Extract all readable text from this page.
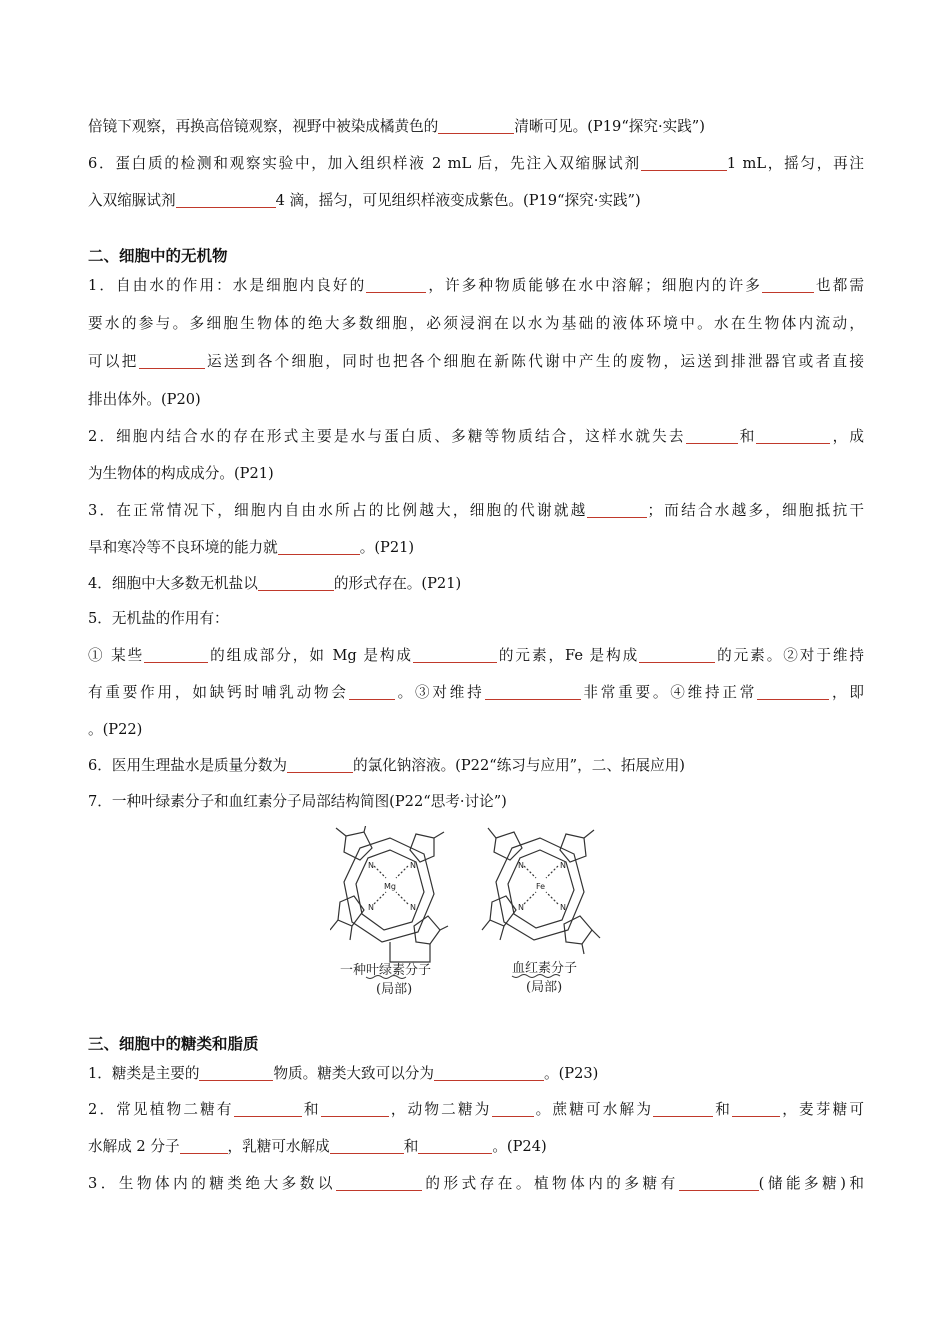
倍镜下观察，再换高倍镜观察，视野中被染成橘黄色的	清晰可见。(P19“探究·实践”)
6．蛋白质的检测和观察实验中，加入组织样液 2 mL 后，先注入双缩脲试剂	1 mL，摇匀，再注
入双缩脲试剂	4 滴，摇匀，可见组织样液变成紫色。(P19“探究·实践”)
二、细胞中的无机物
1．自由水的作用：水是细胞内良好的	，许多种物质能够在水中溶解；细胞内的许多	也都需
要水的参与。多细胞生物体的绝大多数细胞，必须浸润在以水为基础的液体环境中。水在生物体内流动，
可以把	运送到各个细胞，同时也把各个细胞在新陈代谢中产生的废物，运送到排泄器官或者直接
排出体外。(P20)
2．细胞内结合水的存在形式主要是水与蛋白质、多糖等物质结合，这样水就失去	和	，成
为生物体的构成成分。(P21)
3．在正常情况下，细胞内自由水所占的比例越大，细胞的代谢就越	；而结合水越多，细胞抵抗干
旱和寒冷等不良环境的能力就	。(P21)
4．细胞中大多数无机盐以	的形式存在。(P21)
5．无机盐的作用有：
① 某些	的组成部分，如 Mg 是构成	的元素，Fe 是构成	的元素。②对于维持
有重要作用，如缺钙时哺乳动物会	。③对维持	非常重要。④维持正常	，即
。(P22)
6．医用生理盐水是质量分数为	的氯化钠溶液。(P22“练习与应用”，二、拓展应用)
7．一种叶绿素分子和血红素分子局部结构简图(P22“思考·讨论”)
N	N
N	N
Mg
N	N
N	N
Fe
一种叶绿素分子
(局部)
血红素分子
(局部)
三、细胞中的糖类和脂质
1．糖类是主要的	物质。糖类大致可以分为	。(P23)
2．常见植物二糖有	和	，动物二糖为	。蔗糖可水解为	和	，麦芽糖可
水解成 2 分子	，乳糖可水解成	和	。(P24)
3．生物体内的糖类绝大多数以	的形式存在。植物体内的多糖有	(储能多糖)和
